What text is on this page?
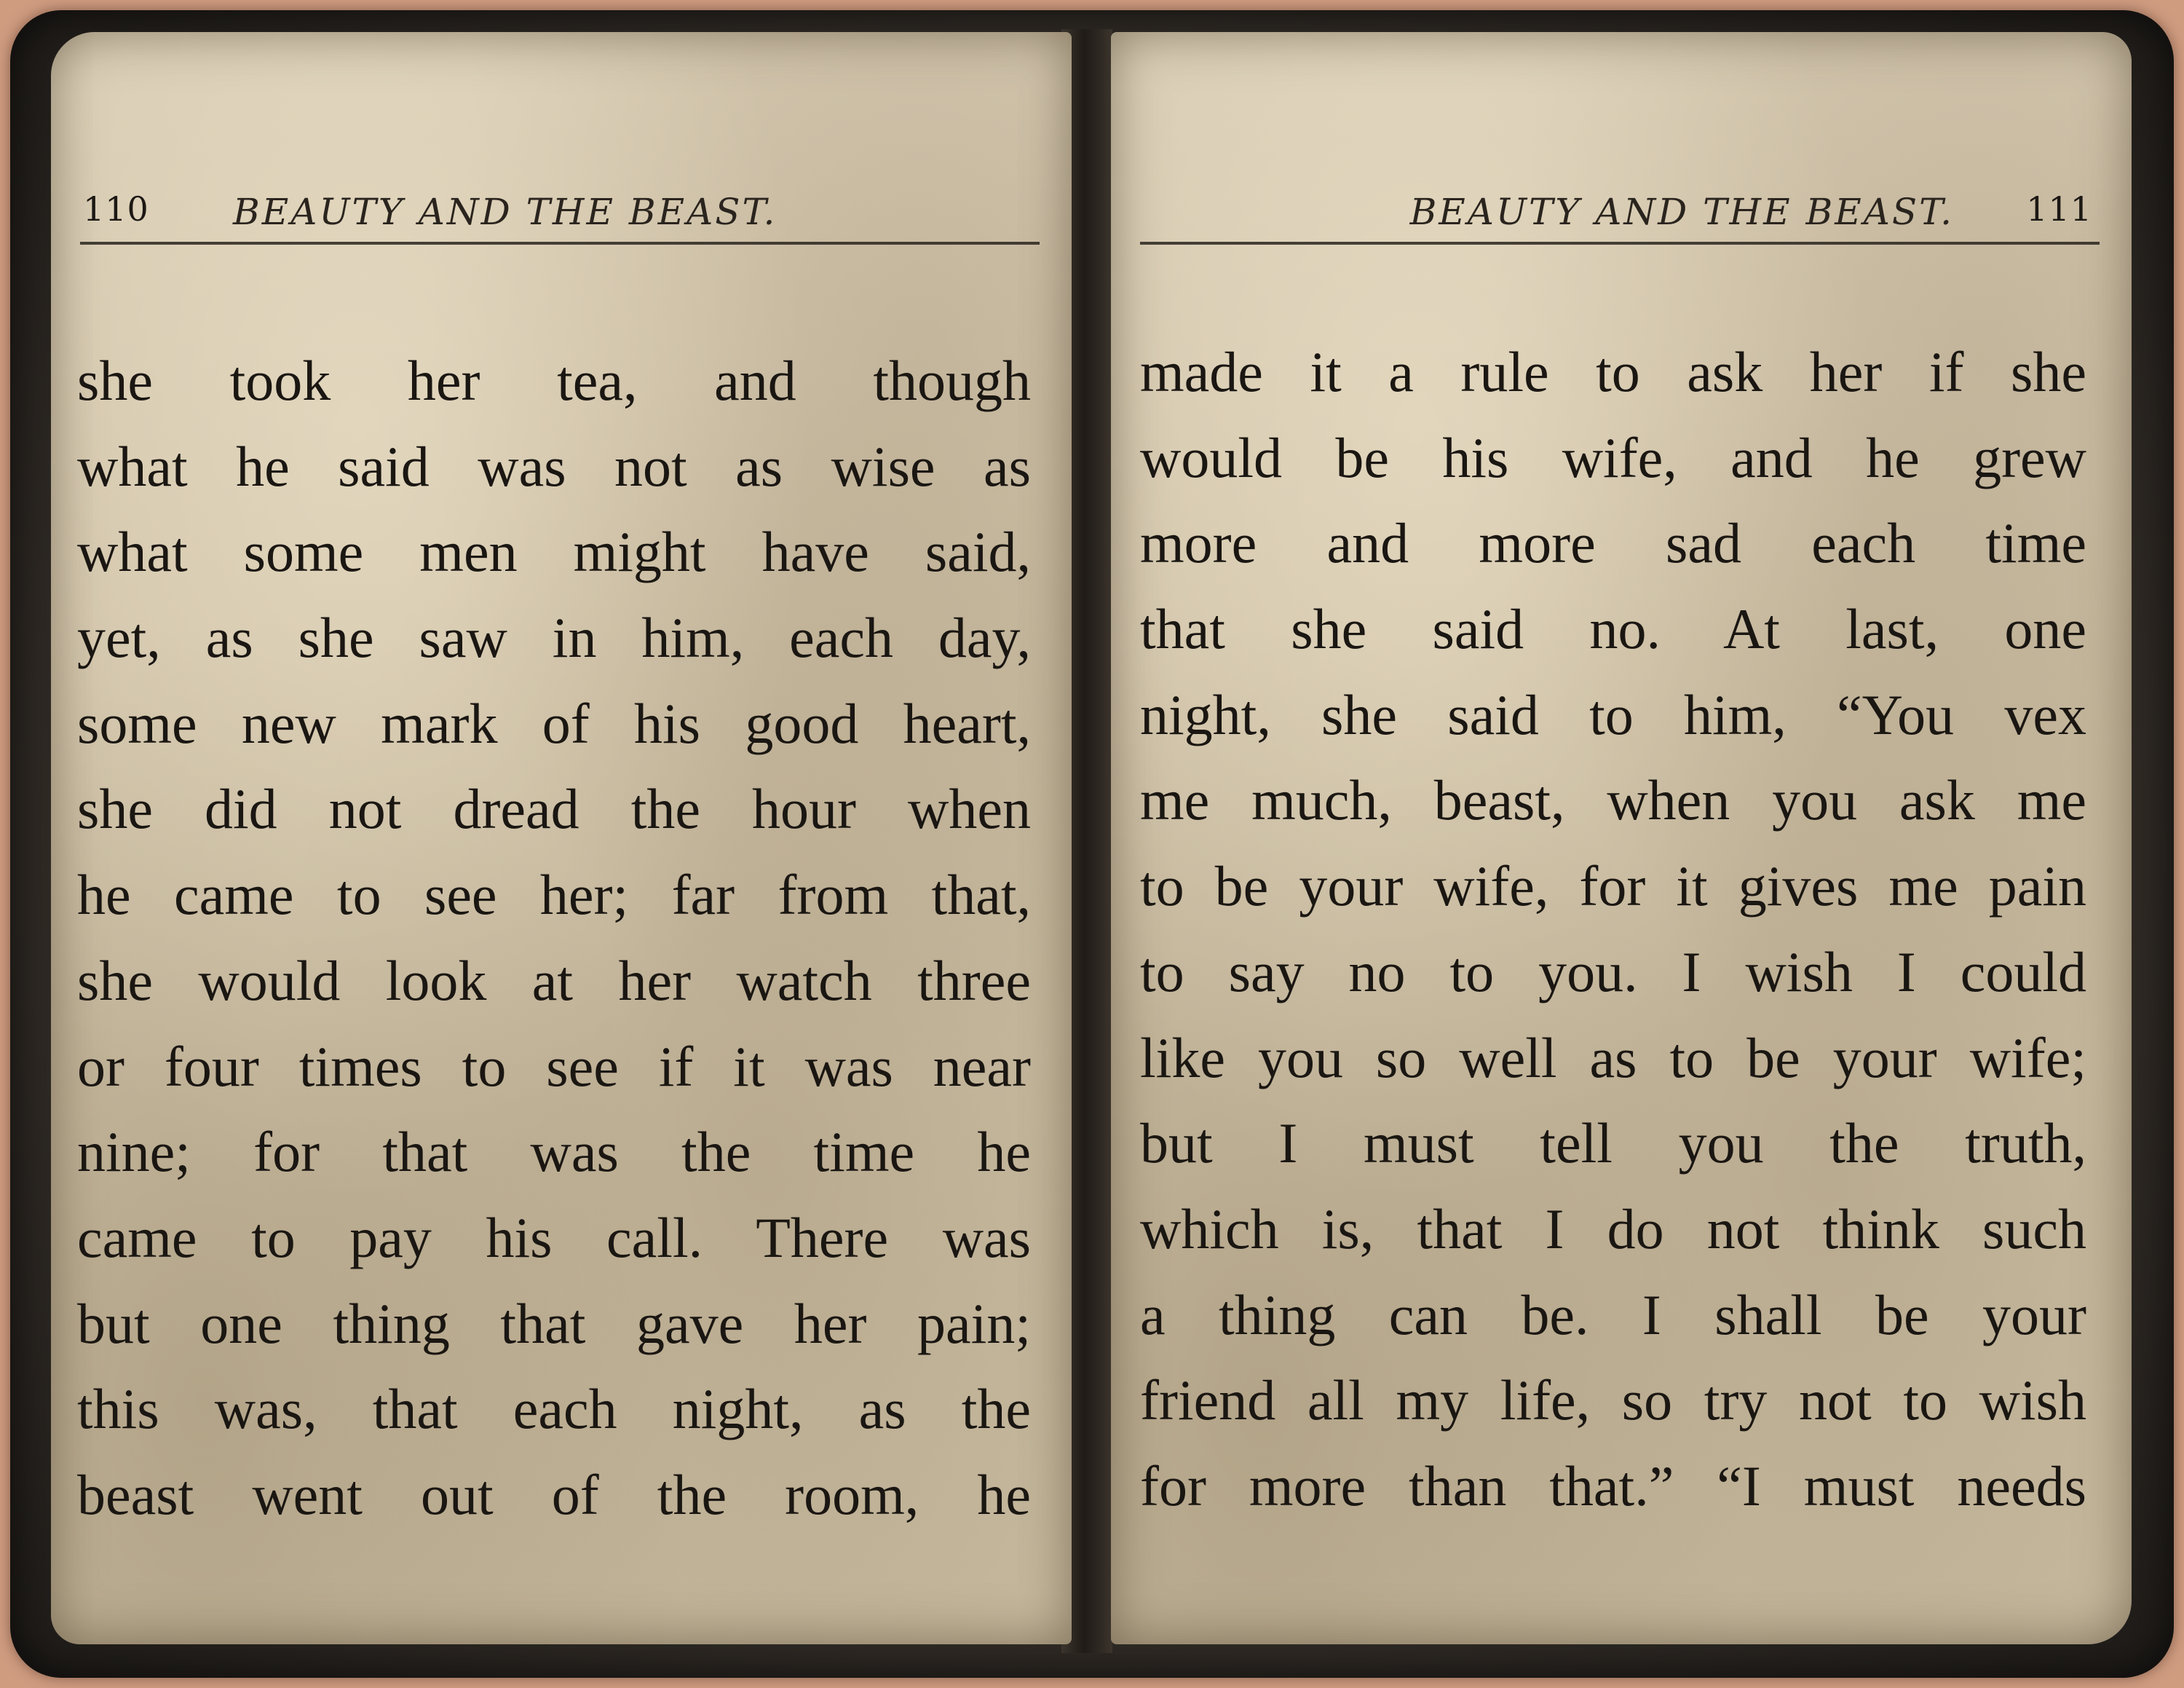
110 BEAUTY AND THE BEAST.
she took her tea, and though
what he said was not as wise as
what some men might have said,
yet, as she saw in him, each day,
some new mark of his good heart,
she did not dread the hour when
he came to see her; far from that,
she would look at her watch three
or four times to see if it was near
nine; for that was the time he
came to pay his call. There was
but one thing that gave her pain;
this was, that each night, as the
beast went out of the room, he
BEAUTY AND THE BEAST. 111
made it a rule to ask her if she
would be his wife, and he grew
more and more sad each time
that she said no. At last, one
night, she said to him, “You vex
me much, beast, when you ask me
to be your wife, for it gives me pain
to say no to you. I wish I could
like you so well as to be your wife;
but I must tell you the truth,
which is, that I do not think such
a thing can be. I shall be your
friend all my life, so try not to wish
for more than that.” “I must needs
